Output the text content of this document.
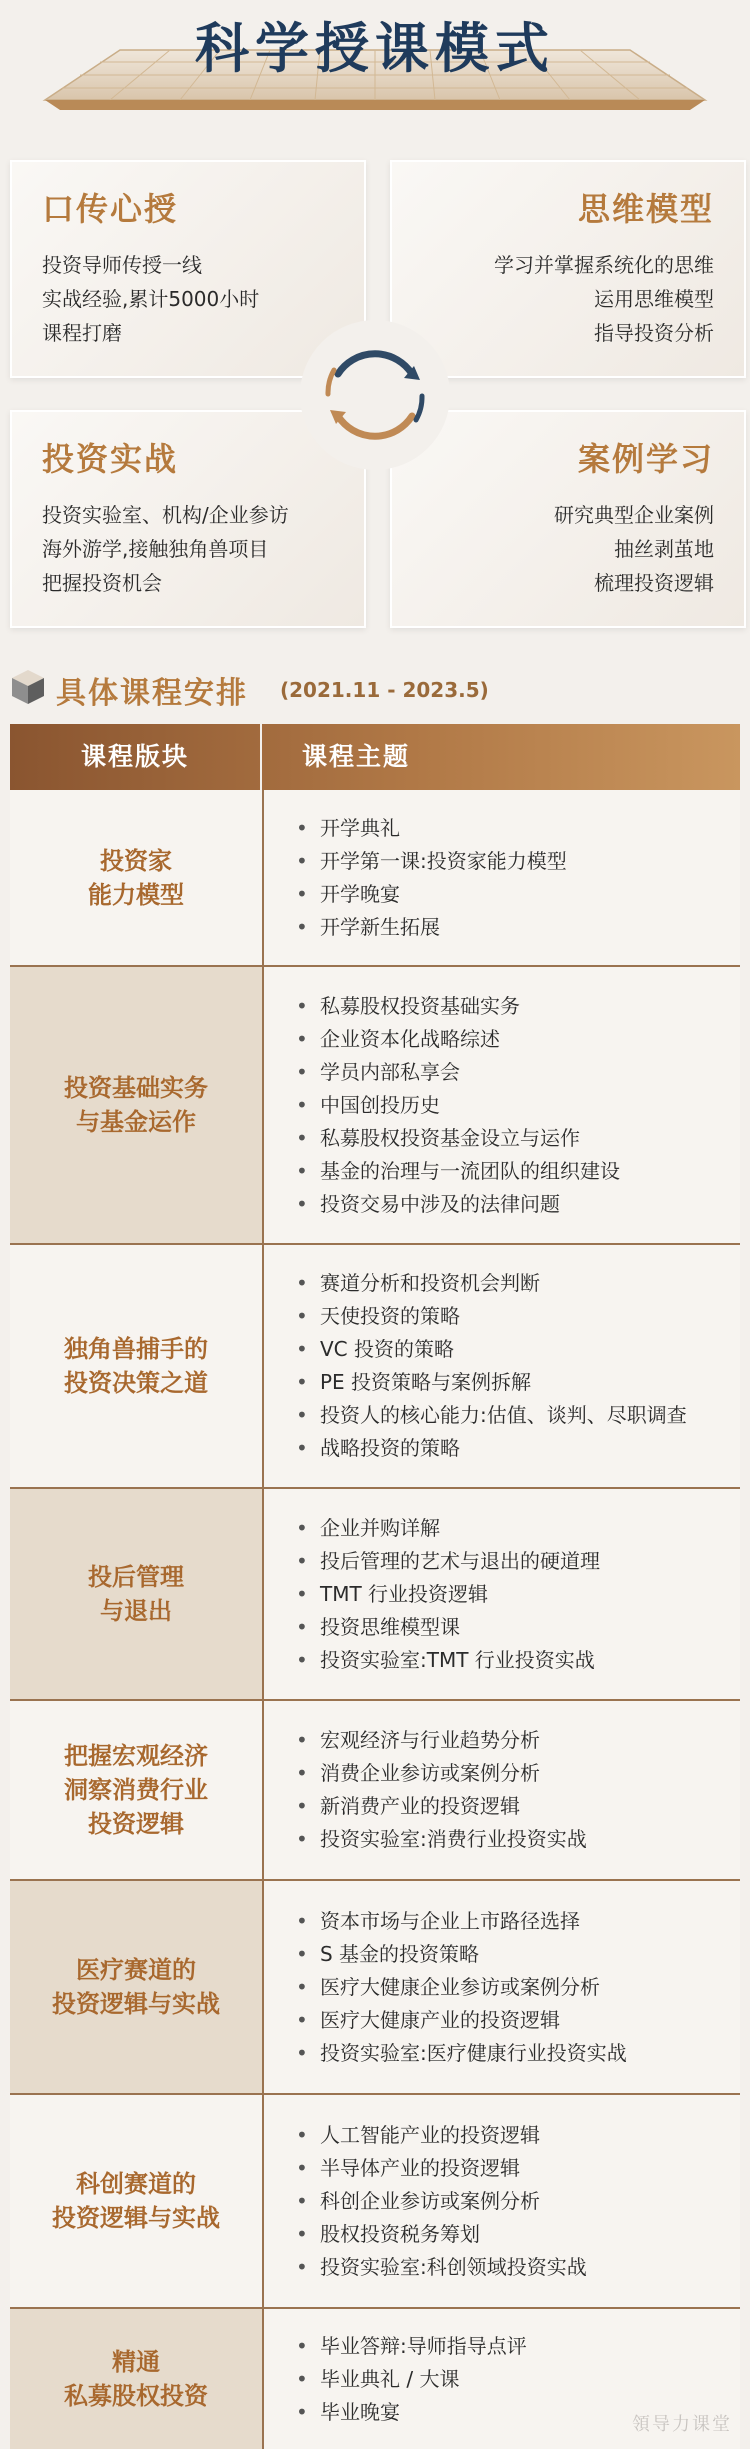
科学授课模式
口传心授
投资导师传授一线
实战经验,累计5000小时
课程打磨
思维模型
学习并掌握系统化的思维
运用思维模型
指导投资分析
投资实战
投资实验室、机构/企业参访
海外游学,接触独角兽项目
把握投资机会
案例学习
研究典型企业案例
抽丝剥茧地
梳理投资逻辑
具体课程安排 (2021.11 - 2023.5)
课程版块	课程主题
投资家
能力模型
• 开学典礼
• 开学第一课:投资家能力模型
• 开学晚宴
• 开学新生拓展
投资基础实务
与基金运作
• 私募股权投资基础实务
• 企业资本化战略综述
• 学员内部私享会
• 中国创投历史
• 私募股权投资基金设立与运作
• 基金的治理与一流团队的组织建设
• 投资交易中涉及的法律问题
独角兽捕手的
投资决策之道
• 赛道分析和投资机会判断
• 天使投资的策略
• VC 投资的策略
• PE 投资策略与案例拆解
• 投资人的核心能力:估值、谈判、尽职调查
• 战略投资的策略
投后管理
与退出
• 企业并购详解
• 投后管理的艺术与退出的硬道理
• TMT 行业投资逻辑
• 投资思维模型课
• 投资实验室:TMT 行业投资实战
把握宏观经济
洞察消费行业
投资逻辑
• 宏观经济与行业趋势分析
• 消费企业参访或案例分析
• 新消费产业的投资逻辑
• 投资实验室:消费行业投资实战
医疗赛道的
投资逻辑与实战
• 资本市场与企业上市路径选择
• S 基金的投资策略
• 医疗大健康企业参访或案例分析
• 医疗大健康产业的投资逻辑
• 投资实验室:医疗健康行业投资实战
科创赛道的
投资逻辑与实战
• 人工智能产业的投资逻辑
• 半导体产业的投资逻辑
• 科创企业参访或案例分析
• 股权投资税务筹划
• 投资实验室:科创领域投资实战
精通
私募股权投资
• 毕业答辩:导师指导点评
• 毕业典礼 / 大课
• 毕业晚宴
領导力课堂
